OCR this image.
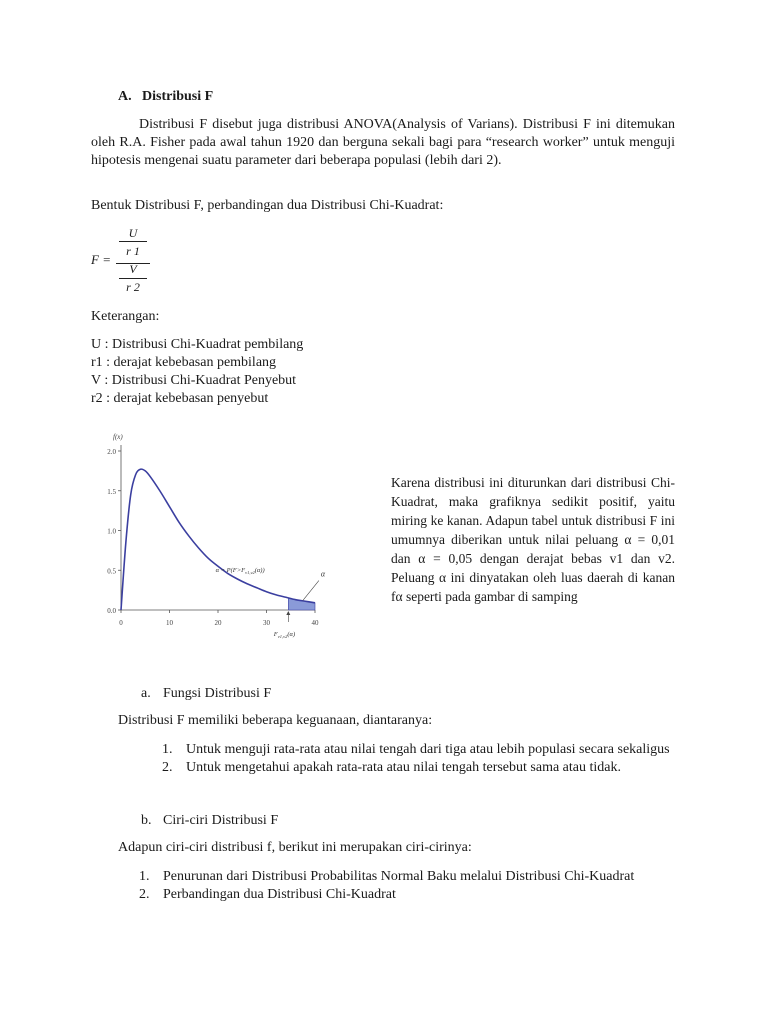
A. Distribusi F
Distribusi F disebut juga distribusi ANOVA(Analysis of Varians). Distribusi F ini ditemukan oleh R.A. Fisher pada awal tahun 1920 dan berguna sekali bagi para “research worker” untuk menguji hipotesis mengenai suatu parameter dari beberapa populasi (lebih dari 2).
Bentuk Distribusi F, perbandingan dua Distribusi Chi-Kuadrat:
F =
U
r 1
V
r 2
Keterangan:
U : Distribusi Chi-Kuadrat pembilang
r1 : derajat kebebasan pembilang
V : Distribusi Chi-Kuadrat Penyebut
r2 : derajat kebebasan penyebut
0.0
0.5
1.0
1.5
2.0
0	10	20	30	40
f(x)
$\alpha = P(F>F_{v1,v2}(\alpha))$	α
$F_{v1,v2}(\alpha)$
Karena distribusi ini diturunkan dari distribusi Chi-Kuadrat, maka grafiknya sedikit positif, yaitu miring ke kanan. Adapun tabel untuk distribusi F ini umumnya diberikan untuk nilai peluang α = 0,01 dan α = 0,05 dengan derajat bebas v1 dan v2. Peluang α ini dinyatakan oleh luas daerah di kanan fα seperti pada gambar di samping
a. Fungsi Distribusi F
Distribusi F memiliki beberapa keguanaan, diantaranya:
1. Untuk menguji rata-rata atau nilai tengah dari tiga atau lebih populasi secara sekaligus
2. Untuk mengetahui apakah rata-rata atau nilai tengah tersebut sama atau tidak.
b. Ciri-ciri Distribusi F
Adapun ciri-ciri distribusi f, berikut ini merupakan ciri-cirinya:
1. Penurunan dari Distribusi Probabilitas Normal Baku melalui Distribusi Chi-Kuadrat
2. Perbandingan dua Distribusi Chi-Kuadrat
